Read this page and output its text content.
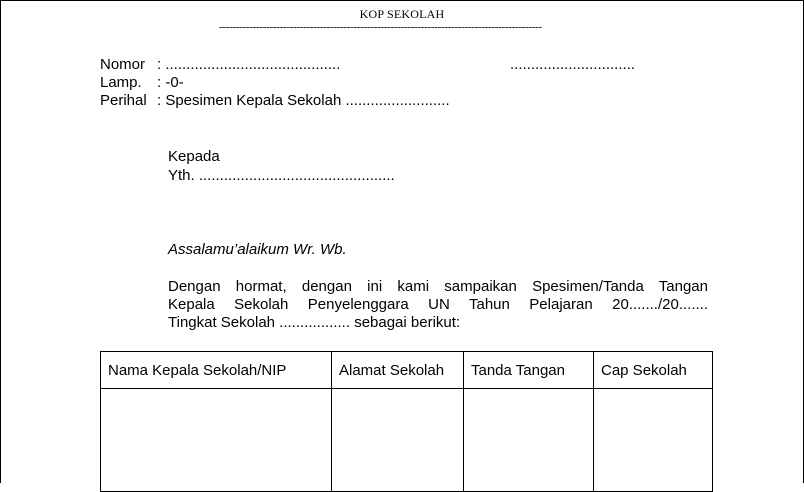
KOP SEKOLAH
------------------------------------------------------------------------------------------------
Nomor : ..........................................	..............................
Lamp. : -0-
Perihal : Spesimen Kepala Sekolah .........................
Kepada
Yth. ...............................................
Assalamu’alaikum Wr. Wb.
Dengan hormat, dengan ini kami sampaikan Spesimen/Tanda Tangan
Kepala Sekolah Penyelenggara UN Tahun Pelajaran 20......./20.......
Tingkat Sekolah ................. sebagai berikut:
Nama Kepala Sekolah/NIP	Alamat Sekolah	Tanda Tangan	Cap Sekolah
